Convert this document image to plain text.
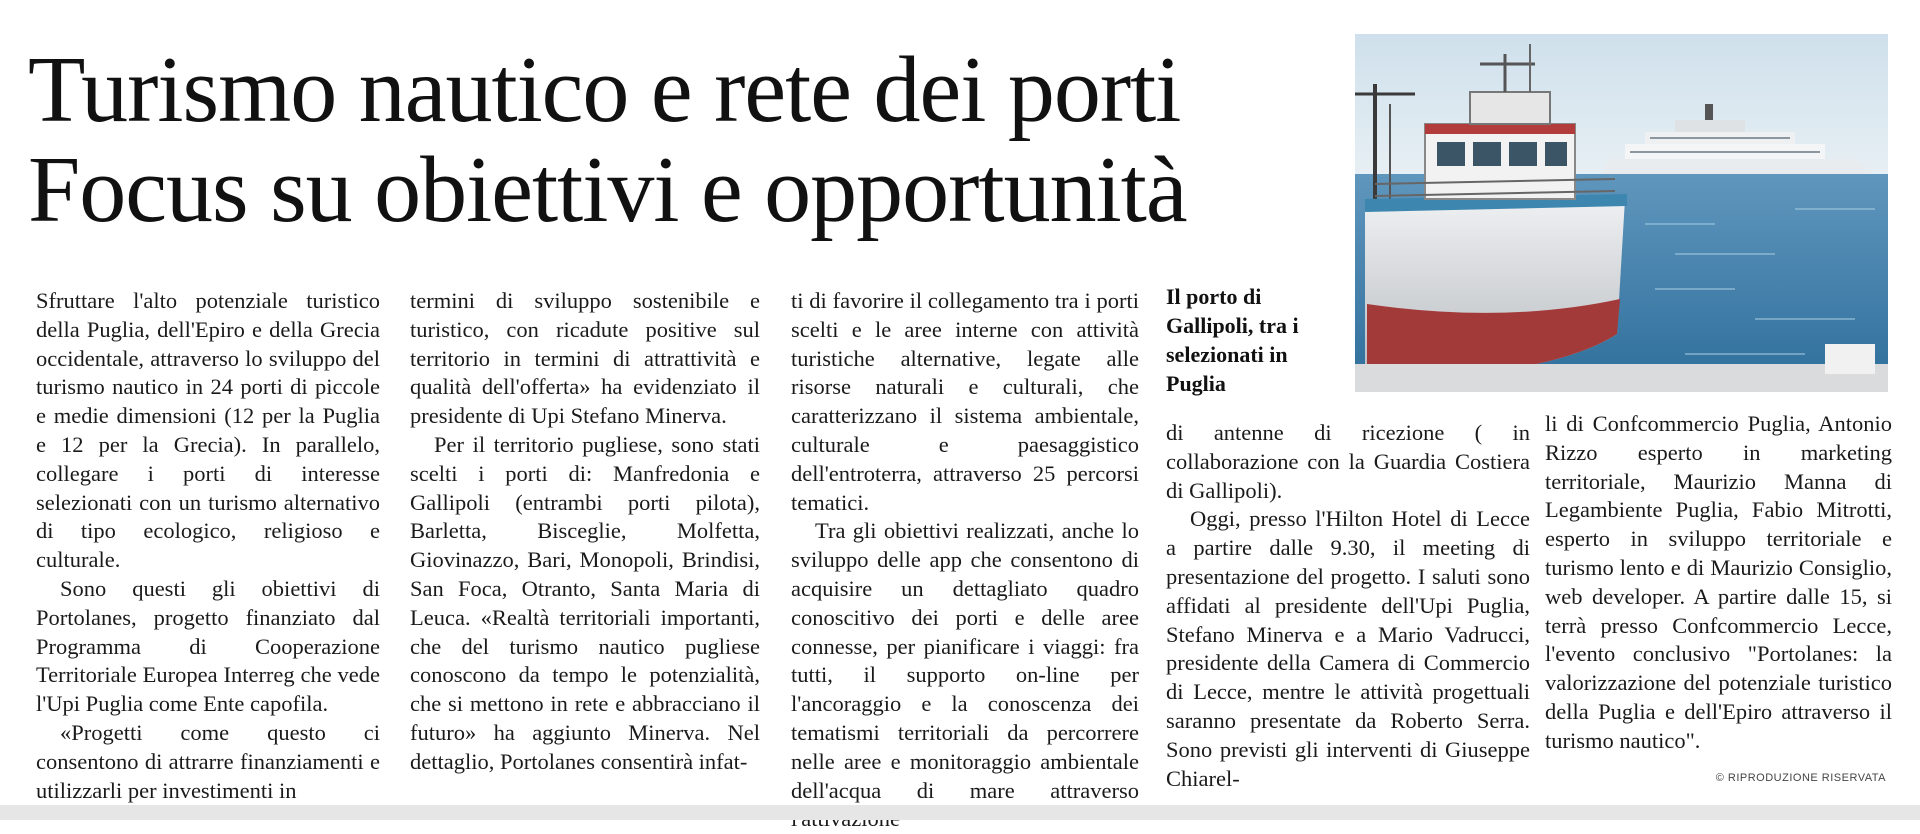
Turismo nautico e rete dei porti
Focus su obiettivi e opportunità

Il porto di Gallipoli, tra i selezionati in Puglia

Sfruttare l'alto potenziale turistico della Puglia, dell'Epiro e della Grecia occidentale, attraverso lo sviluppo del turismo nautico in 24 porti di piccole e medie dimensioni (12 per la Puglia e 12 per la Grecia). In parallelo, collegare i porti di interesse selezionati con un turismo alternativo di tipo ecologico, religioso e culturale.

Sono questi gli obiettivi di Portolanes, progetto finanziato dal Programma di Cooperazione Territoriale Europea Interreg che vede l'Upi Puglia come Ente capofila.

«Progetti come questo ci consentono di attrarre finanziamenti e utilizzarli per investimenti in

termini di sviluppo sostenibile e turistico, con ricadute positive sul territorio in termini di attrattività e qualità dell'offerta» ha evidenziato il presidente di Upi Stefano Minerva.

Per il territorio pugliese, sono stati scelti i porti di: Manfredonia e Gallipoli (entrambi porti pilota), Barletta, Bisceglie, Molfetta, Giovinazzo, Bari, Monopoli, Brindisi, San Foca, Otranto, Santa Maria di Leuca. «Realtà territoriali importanti, che del turismo nautico pugliese conoscono da tempo le potenzialità, che si mettono in rete e abbracciano il futuro» ha aggiunto Minerva. Nel dettaglio, Portolanes consentirà infat-

ti di favorire il collegamento tra i porti scelti e le aree interne con attività turistiche alternative, legate alle risorse naturali e culturali, che caratterizzano il sistema ambientale, culturale e paesaggistico dell'entroterra, attraverso 25 percorsi tematici.

Tra gli obiettivi realizzati, anche lo sviluppo delle app che consentono di acquisire un dettagliato quadro conoscitivo dei porti e delle aree connesse, per pianificare i viaggi: fra tutti, il supporto on-line per l'ancoraggio e la conoscenza dei tematismi territoriali da percorrere nelle aree e monitoraggio ambientale dell'acqua di mare attraverso

di antenne di ricezione ( in collaborazione con la Guardia Costiera di Gallipoli).

Oggi, presso l'Hilton Hotel di Lecce a partire dalle 9.30, il meeting di presentazione del progetto. I saluti sono affidati al presidente dell'Upi Puglia, Stefano Minerva e a Mario Vadrucci, presidente della Camera di Commercio di Lecce, mentre le attività progettuali saranno presentate da Roberto Serra. Sono previsti gli interventi di Giuseppe Chiarel-

li di Confcommercio Puglia, Antonio Rizzo esperto in marketing territoriale, Maurizio Manna di Legambiente Puglia, Fabio Mitrotti, esperto in sviluppo territoriale e turismo lento e di Maurizio Consiglio, web developer. A partire dalle 15, si terrà presso Confcommercio Lecce, l'evento conclusivo "Portolanes: la valorizzazione del potenziale turistico della Puglia e dell'Epiro attraverso il turismo nautico".

© RIPRODUZIONE RISERVATA
